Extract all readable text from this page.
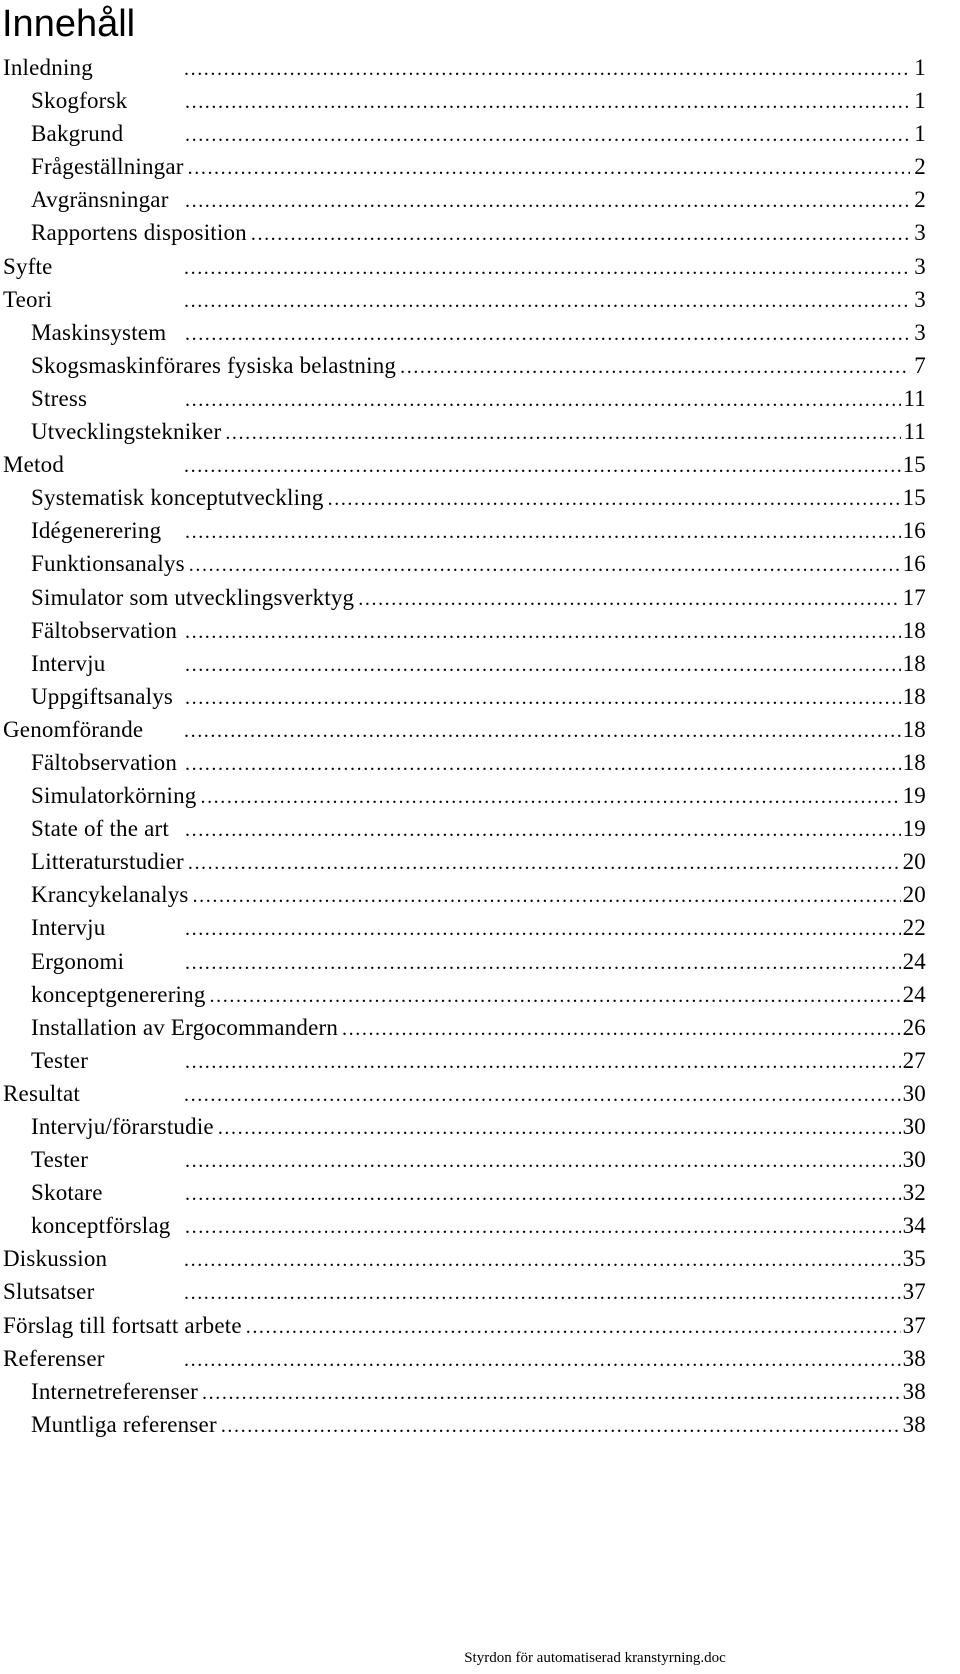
Innehåll
Inledning .....	1
Skogforsk .....	1
Bakgrund .....	1
Frågeställningar .....	2
Avgränsningar .....	2
Rapportens disposition .....	3
Syfte .....	3
Teori .....	3
Maskinsystem .....	3
Skogsmaskinförares fysiska belastning .....	7
Stress .....	11
Utvecklingstekniker .....	11
Metod .....	15
Systematisk konceptutveckling .....	15
Idégenerering .....	16
Funktionsanalys .....	16
Simulator som utvecklingsverktyg .....	17
Fältobservation .....	18
Intervju .....	18
Uppgiftsanalys .....	18
Genomförande .....	18
Fältobservation .....	18
Simulatorkörning .....	19
State of the art .....	19
Litteraturstudier .....	20
Krancykelanalys .....	20
Intervju .....	22
Ergonomi .....	24
konceptgenerering .....	24
Installation av Ergocommandern .....	26
Tester .....	27
Resultat .....	30
Intervju/förarstudie .....	30
Tester .....	30
Skotare .....	32
konceptförslag .....	34
Diskussion .....	35
Slutsatser .....	37
Förslag till fortsatt arbete .....	37
Referenser .....	38
Internetreferenser .....	38
Muntliga referenser .....	38
Styrdon för automatiserad kranstyrning.doc
